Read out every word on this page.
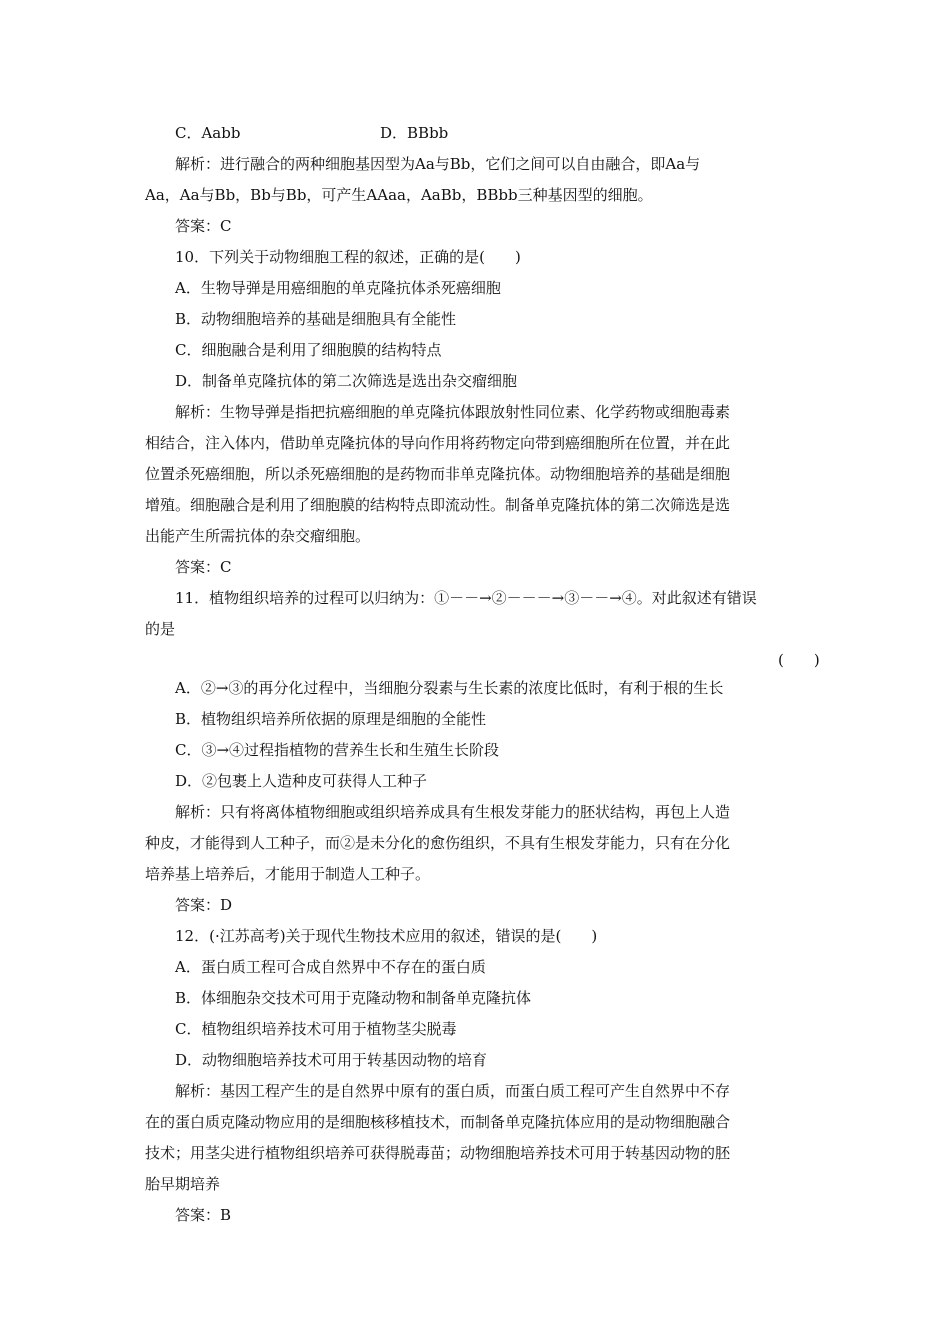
C．Aabb	D．BBbb
解析：进行融合的两种细胞基因型为Aa与Bb，它们之间可以自由融合，即Aa与
Aa，Aa与Bb，Bb与Bb，可产生AAaa，AaBb，BBbb三种基因型的细胞。
答案：C
10．下列关于动物细胞工程的叙述，正确的是(　　)
A．生物导弹是用癌细胞的单克隆抗体杀死癌细胞
B．动物细胞培养的基础是细胞具有全能性
C．细胞融合是利用了细胞膜的结构特点
D．制备单克隆抗体的第二次筛选是选出杂交瘤细胞
解析：生物导弹是指把抗癌细胞的单克隆抗体跟放射性同位素、化学药物或细胞毒素
相结合，注入体内，借助单克隆抗体的导向作用将药物定向带到癌细胞所在位置，并在此
位置杀死癌细胞，所以杀死癌细胞的是药物而非单克隆抗体。动物细胞培养的基础是细胞
增殖。细胞融合是利用了细胞膜的结构特点即流动性。制备单克隆抗体的第二次筛选是选
出能产生所需抗体的杂交瘤细胞。
答案：C
11．植物组织培养的过程可以归纳为：①－－→②－－－→③－－→④。对此叙述有错误
的是
(　　)
A．②→③的再分化过程中，当细胞分裂素与生长素的浓度比低时，有利于根的生长
B．植物组织培养所依据的原理是细胞的全能性
C．③→④过程指植物的营养生长和生殖生长阶段
D．②包裹上人造种皮可获得人工种子
解析：只有将离体植物细胞或组织培养成具有生根发芽能力的胚状结构，再包上人造
种皮，才能得到人工种子，而②是未分化的愈伤组织，不具有生根发芽能力，只有在分化
培养基上培养后，才能用于制造人工种子。
答案：D
12．(·江苏高考)关于现代生物技术应用的叙述，错误的是(　　)
A．蛋白质工程可合成自然界中不存在的蛋白质
B．体细胞杂交技术可用于克隆动物和制备单克隆抗体
C．植物组织培养技术可用于植物茎尖脱毒
D．动物细胞培养技术可用于转基因动物的培育
解析：基因工程产生的是自然界中原有的蛋白质，而蛋白质工程可产生自然界中不存
在的蛋白质克隆动物应用的是细胞核移植技术，而制备单克隆抗体应用的是动物细胞融合
技术；用茎尖进行植物组织培养可获得脱毒苗；动物细胞培养技术可用于转基因动物的胚
胎早期培养
答案：B
